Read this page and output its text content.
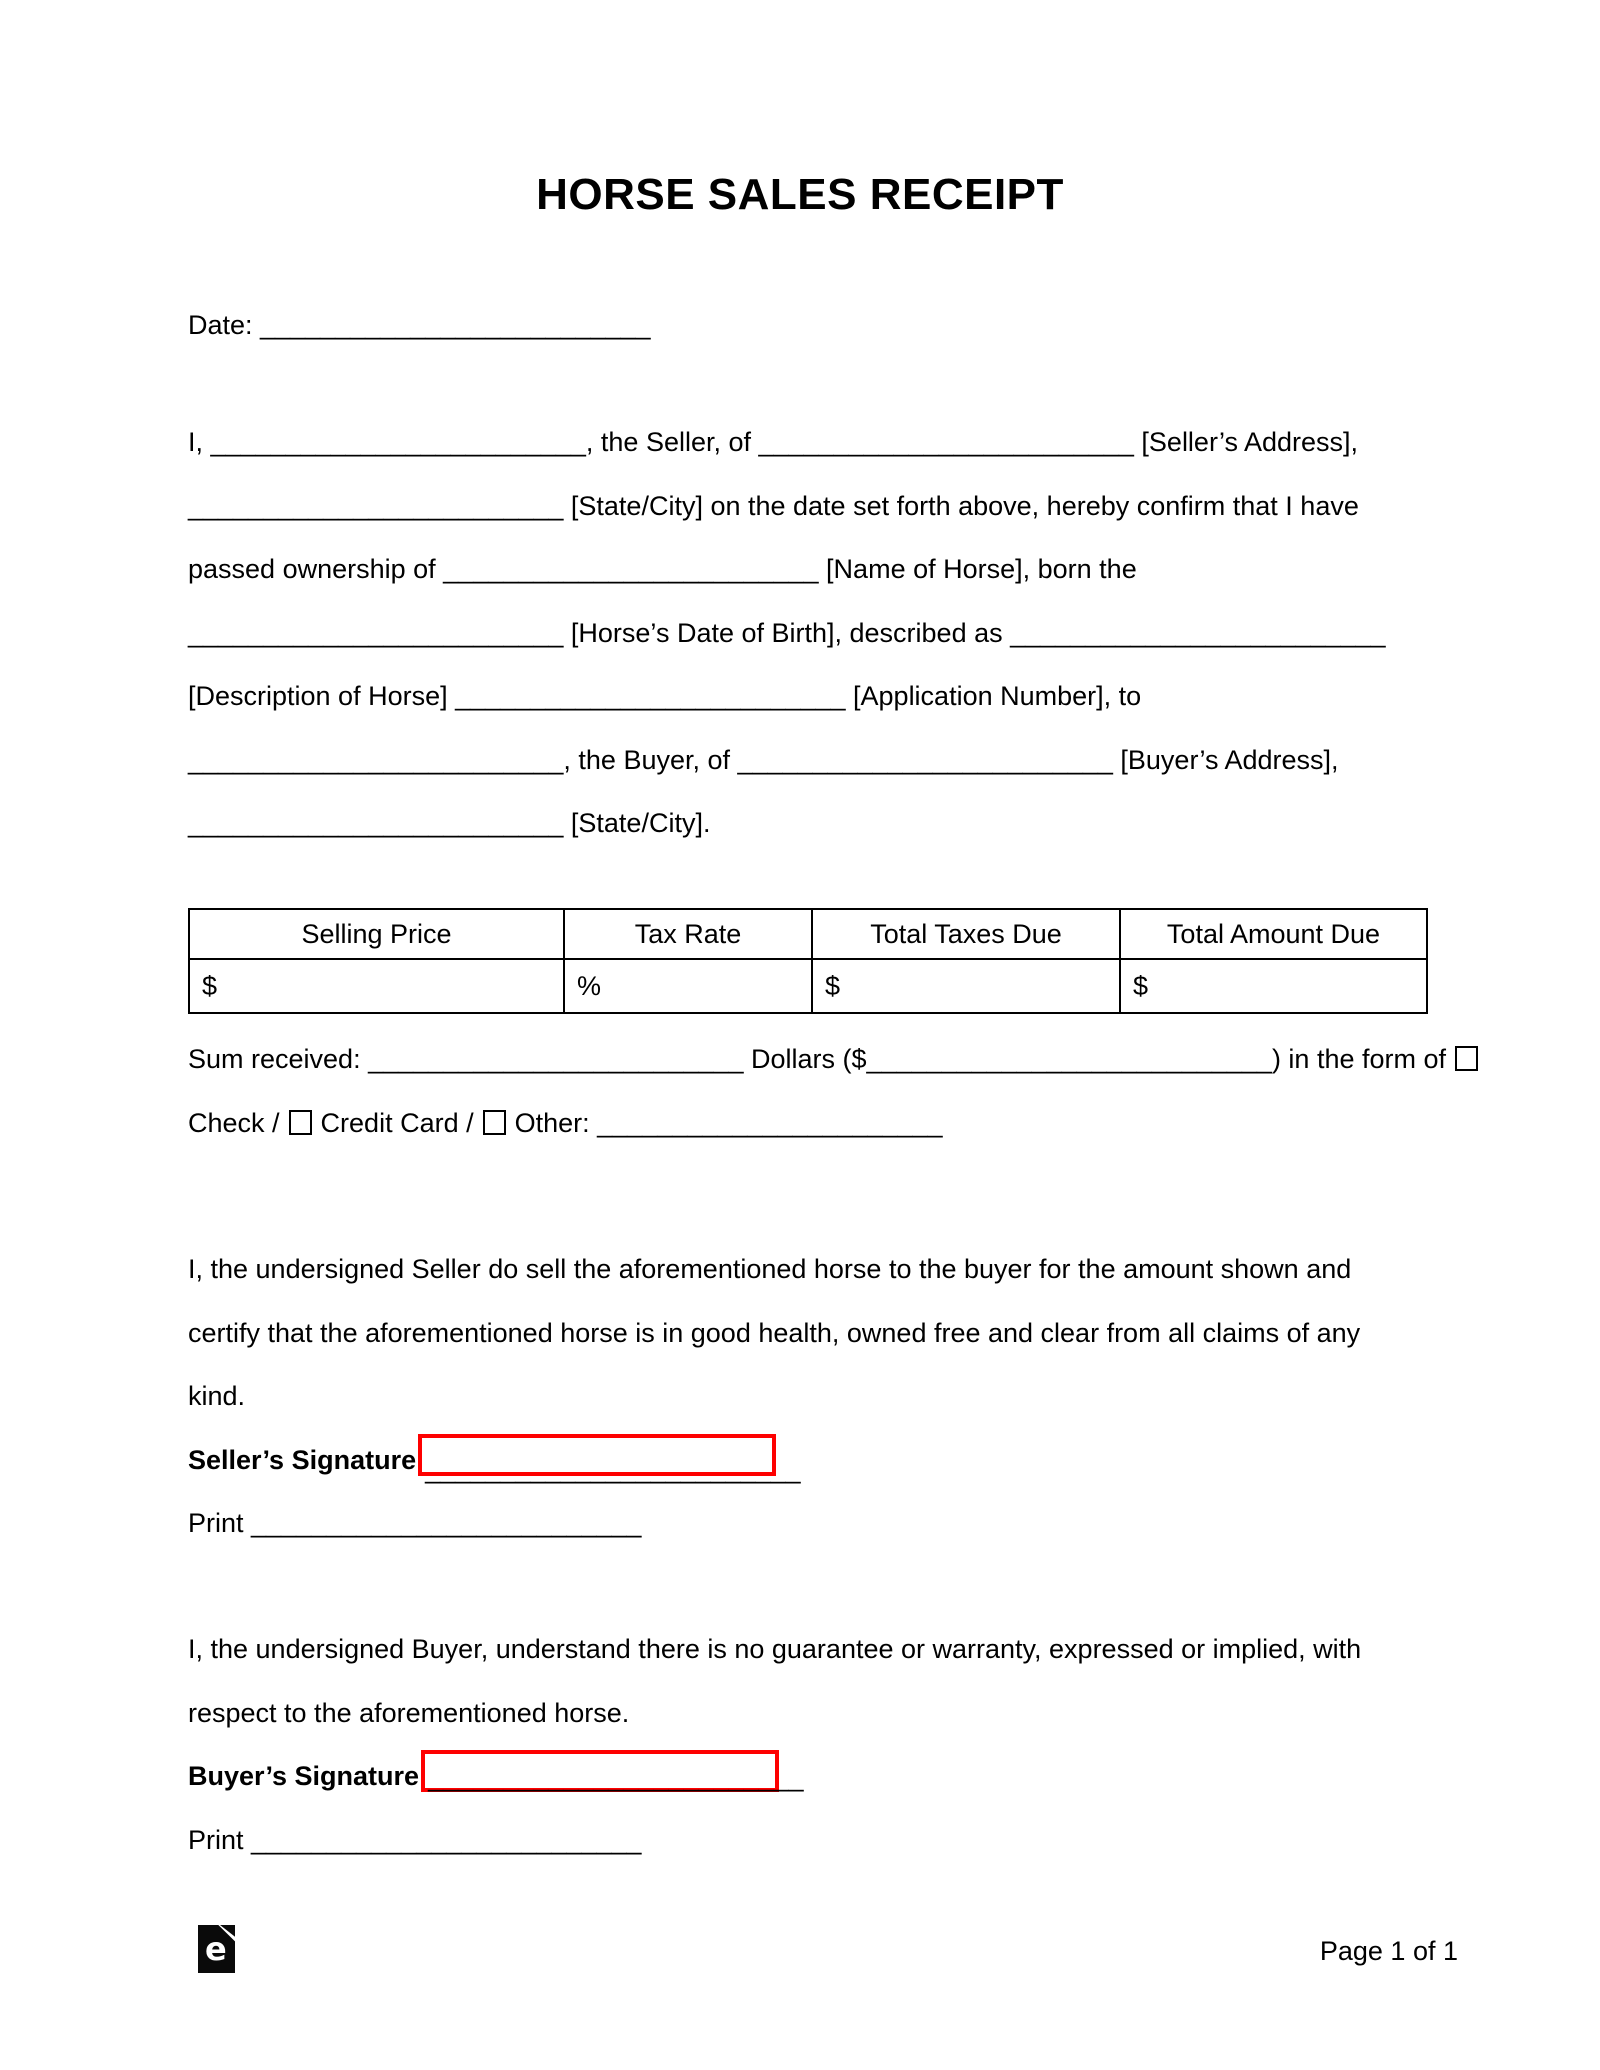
HORSE SALES RECEIPT
Date: __________________________
I, _________________________, the Seller, of _________________________ [Seller’s Address],
_________________________ [State/City] on the date set forth above, hereby confirm that I have
passed ownership of _________________________ [Name of Horse], born the
_________________________ [Horse’s Date of Birth], described as _________________________
[Description of Horse] __________________________ [Application Number], to
_________________________, the Buyer, of _________________________ [Buyer’s Address],
_________________________ [State/City].
Selling Price	Tax Rate	Total Taxes Due	Total Amount Due
$	%	$	$
Sum received: _________________________ Dollars ($___________________________) in the form of
Check / Credit Card / Other: _______________________
I, the undersigned Seller do sell the aforementioned horse to the buyer for the amount shown and
certify that the aforementioned horse is in good health, owned free and clear from all claims of any
kind.
Seller’s Signature _________________________
Print __________________________
I, the undersigned Buyer, understand there is no guarantee or warranty, expressed or implied, with
respect to the aforementioned horse.
Buyer’s Signature _________________________
Print __________________________
e	Page 1 of 1
